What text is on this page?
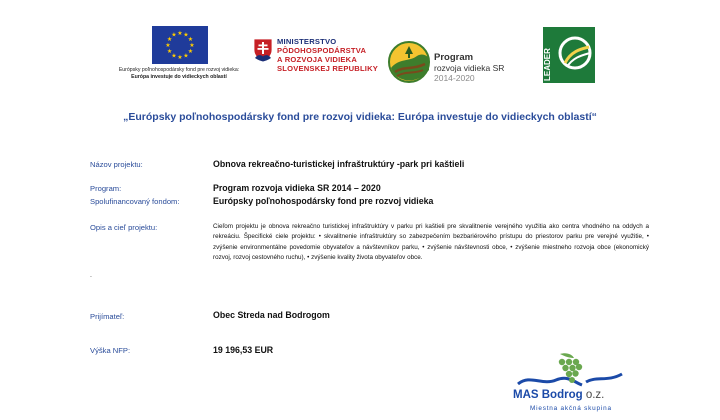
★ ★
★
★
★
★
★
★
★
★
★
★
Európsky poľnohospodársky fond pre rozvoj vidieka:
Európa investuje do vidieckych oblastí
MINISTERSTVO
PÔDOHOSPODÁRSTVA
A ROZVOJA VIDIEKA
SLOVENSKEJ REPUBLIKY
Program
rozvoja vidieka SR
2014-2020	LEADER
„Európsky poľnohospodársky fond pre rozvoj vidieka: Európa investuje do vidieckych oblastí“
Názov projektu:	Obnova rekreačno-turistickej infraštruktúry -park pri kaštieli
Program:	Program rozvoja vidieka SR 2014 – 2020
Spolufinancovaný fondom:	Európsky poľnohospodársky fond pre rozvoj vidieka
Opis a cieľ projektu:	Cieľom projektu je obnova rekreačno turistickej infraštruktúry v parku pri kaštieli pre skvalitnenie verejného využitia ako centra vhodného na oddych a rekreáciu. Špecifické ciele projektu: • skvalitnenie infraštruktúry so zabezpečením bezbariérového prístupu do priestorov parku pre verejné využitie, • zvýšenie environmentálne povedomie obyvateľov a návštevníkov parku, • zvýšenie návštevnosti obce, • zvýšenie miestneho rozvoja obce (ekonomický rozvoj, rozvoj cestovného ruchu), • zvýšenie kvality života obyvateľov obce.
.
Prijímateľ:	Obec Streda nad Bodrogom
Výška NFP:	19 196,53 EUR
MAS Bodrog o.z.
Miestna akčná skupina
